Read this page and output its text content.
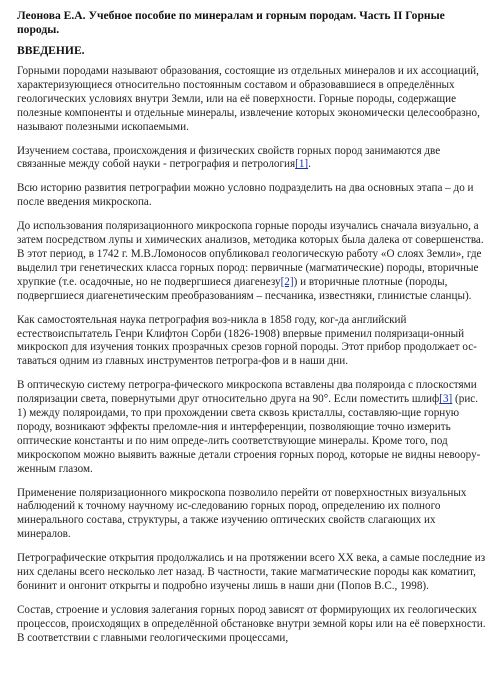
Леонова Е.А. Учебное пособие по минералам и горным породам. Часть II Горные породы.
ВВЕДЕНИЕ.

Горными породами называют образования, состоящие из отдельных минералов и их ассоциаций, характеризующиеся относительно постоянным составом и образовавшиеся в определённых геологических условиях внутри Земли, или на её поверхности. Горные породы, содержащие полезные компоненты и отдельные минералы, извлечение которых экономически целесообразно, называют полезными ископаемыми.

Изучением состава, происхождения и физических свойств горных пород занимаются две связанные между собой науки - петрография и петрология[1].

Всю историю развития петрографии можно условно подразделить на два основных этапа – до и после введения микроскопа.

До использования поляризационного микроскопа горные породы изучались сначала визуально, а затем посредством лупы и химических анализов, методика которых была далека от совершенства. В этот период, в 1742 г. М.В.Ломоносов опубликовал геологическую работу «О слоях Земли», где выделил три генетических класса горных пород: первичные (магматические) породы, вторичные хрупкие (т.е. осадочные, но не подвергшиеся диагенезу[2]) и вторичные плотные (породы, подвергшиеся диагенетическим преобразованиям – песчаника, известняки, глинистые сланцы).

Как самостоятельная наука петрография воз-никла в 1858 году, ког-да английский естествоиспытатель Генри Клифтон Сорби (1826-1908) впервые применил поляризаци-онный микроскоп для изучения тонких прозрачных срезов горной породы. Этот прибор продолжает ос-таваться одним из главных инструментов петрогра-фов и в наши дни.

В оптическую систему петрогра-фического микроскопа вставлены два поляроида с плоскостями поляризации света, повернутыми друг относительно друга на 90°. Если поместить шлиф[3] (рис. 1) между поляроидами, то при прохождении света сквозь кристаллы, составляю-щие горную породу, возникают эффекты преломле-ния и интерференции, позволяющие точно измерить оптические константы и по ним опреде-лить соответствующие минералы. Кроме того, под микроскопом можно выявить важные детали строения горных пород, которые не видны невоору-женным глазом.

Применение поляризационного микроскопа позволило перейти от поверхностных визуальных наблюдений к точному научному ис-следованию горных пород, определению их полного минерального состава, структуры, а также изучению оптических свойств слагающих их минералов.

Петрографические открытия продолжались и на протяжении всего XX века, а самые последние из них сделаны всего несколько лет назад. В частности, такие магматические породы как коматиит, бонинит и онгонит открыты и подробно изучены лишь в наши дни (Попов В.С., 1998).

Состав, строение и условия залегания горных пород зависят от формирующих их геологических процессов, происходящих в определённой обстановке внутри земной коры или на её поверхности. В соответствии с главными геологическими процессами,
